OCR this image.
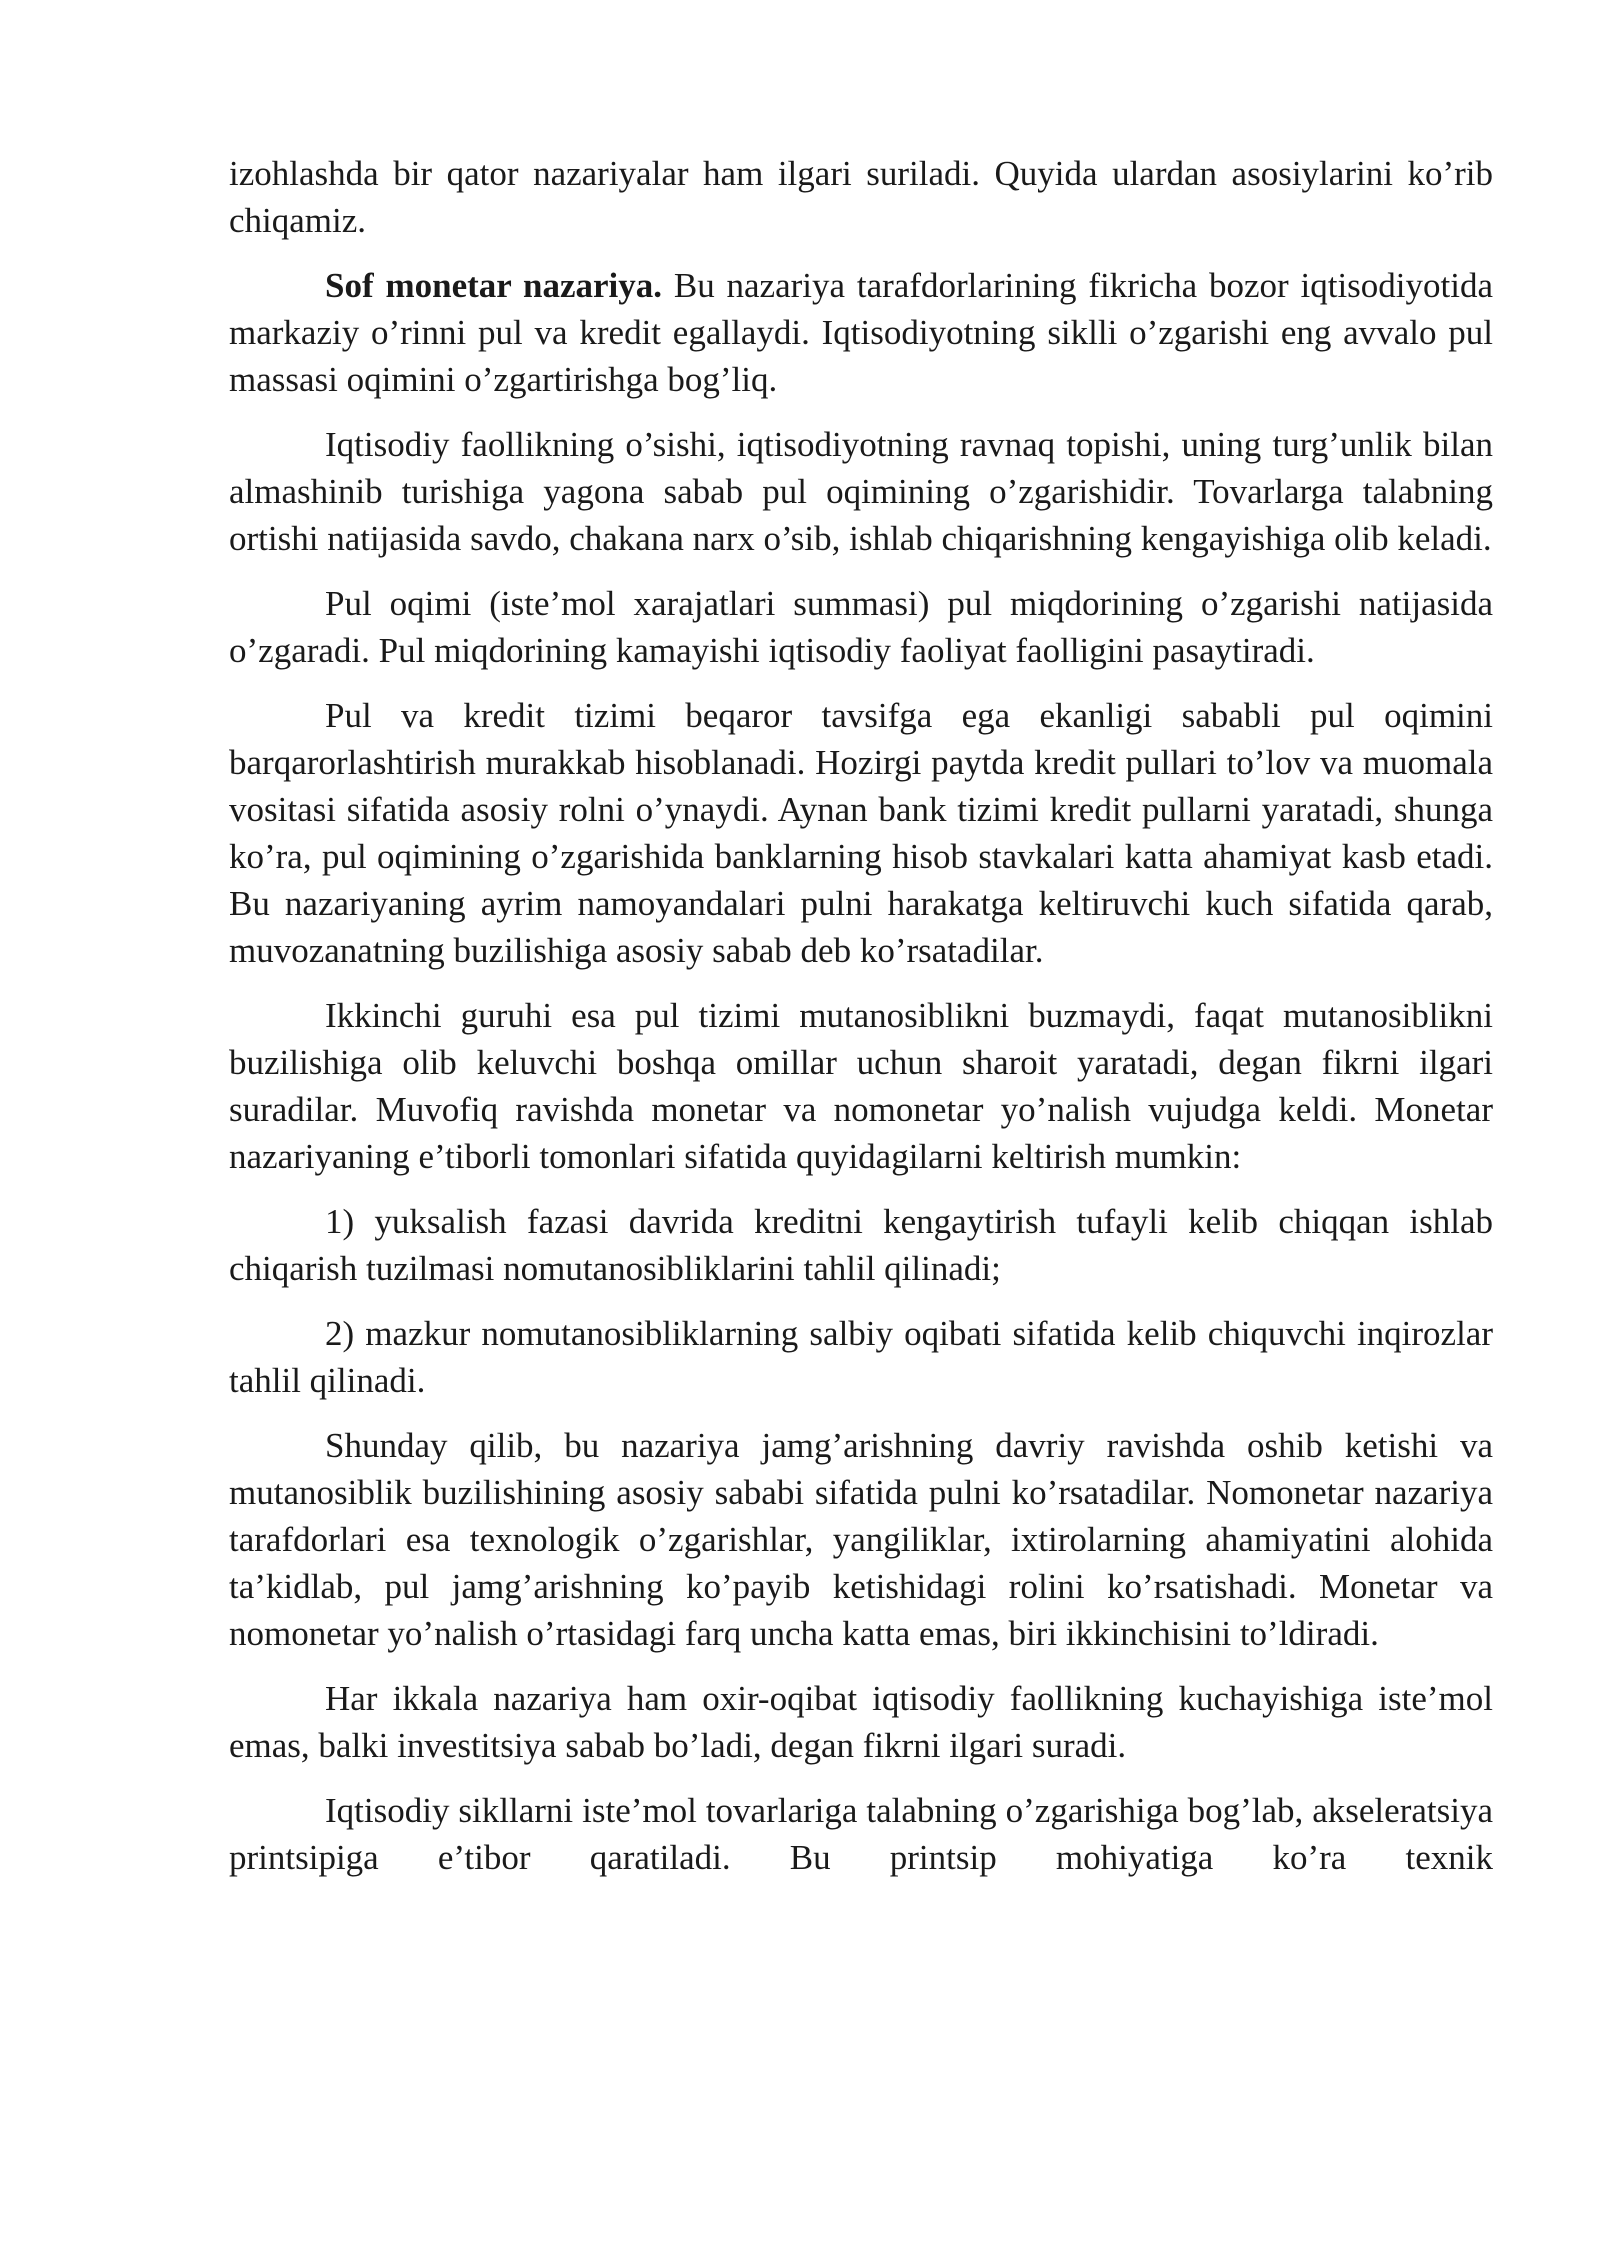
izohlashda bir qator nazariyalar ham ilgari suriladi. Quyida ulardan asosiylarini ko’rib chiqamiz.

Sof monetar nazariya. Bu nazariya tarafdorlarining fikricha bozor iqtisodiyotida markaziy o’rinni pul va kredit egallaydi. Iqtisodiyotning siklli o’zgarishi eng avvalo pul massasi oqimini o’zgartirishga bog’liq.

Iqtisodiy faollikning o’sishi, iqtisodiyotning ravnaq topishi, uning turg’unlik bilan almashinib turishiga yagona sabab pul oqimining o’zgarishidir. Tovarlarga talabning ortishi natijasida savdo, chakana narx o’sib, ishlab chiqarishning kengayishiga olib keladi.

Pul oqimi (iste’mol xarajatlari summasi) pul miqdorining o’zgarishi natijasida o’zgaradi. Pul miqdorining kamayishi iqtisodiy faoliyat faolligini pasaytiradi.

Pul va kredit tizimi beqaror tavsifga ega ekanligi sababli pul oqimini barqarorlashtirish murakkab hisoblanadi. Hozirgi paytda kredit pullari to’lov va muomala vositasi sifatida asosiy rolni o’ynaydi. Aynan bank tizimi kredit pullarni yaratadi, shunga ko’ra, pul oqimining o’zgarishida banklarning hisob stavkalari katta ahamiyat kasb etadi. Bu nazariyaning ayrim namoyandalari pulni harakatga keltiruvchi kuch sifatida qarab, muvozanatning buzilishiga asosiy sabab deb ko’rsatadilar.

Ikkinchi guruhi esa pul tizimi mutanosiblikni buzmaydi, faqat mutanosiblikni buzilishiga olib keluvchi boshqa omillar uchun sharoit yaratadi, degan fikrni ilgari suradilar. Muvofiq ravishda monetar va nomonetar yo’nalish vujudga keldi. Monetar nazariyaning e’tiborli tomonlari sifatida quyidagilarni keltirish mumkin:

1) yuksalish fazasi davrida kreditni kengaytirish tufayli kelib chiqqan ishlab chiqarish tuzilmasi nomutanosibliklarini tahlil qilinadi;

2) mazkur nomutanosibliklarning salbiy oqibati sifatida kelib chiquvchi inqirozlar tahlil qilinadi.

Shunday qilib, bu nazariya jamg’arishning davriy ravishda oshib ketishi va mutanosiblik buzilishining asosiy sababi sifatida pulni ko’rsatadilar. Nomonetar nazariya tarafdorlari esa texnologik o’zgarishlar, yangiliklar, ixtirolarning ahamiyatini alohida ta’kidlab, pul jamg’arishning ko’payib ketishidagi rolini ko’rsatishadi. Monetar va nomonetar yo’nalish o’rtasidagi farq uncha katta emas, biri ikkinchisini to’ldiradi.

Har ikkala nazariya ham oxir-oqibat iqtisodiy faollikning kuchayishiga iste’mol emas, balki investitsiya sabab bo’ladi, degan fikrni ilgari suradi.

Iqtisodiy sikllarni iste’mol tovarlariga talabning o’zgarishiga bog’lab, akseleratsiya printsipiga e’tibor qaratiladi. Bu printsip mohiyatiga ko’ra texnik
